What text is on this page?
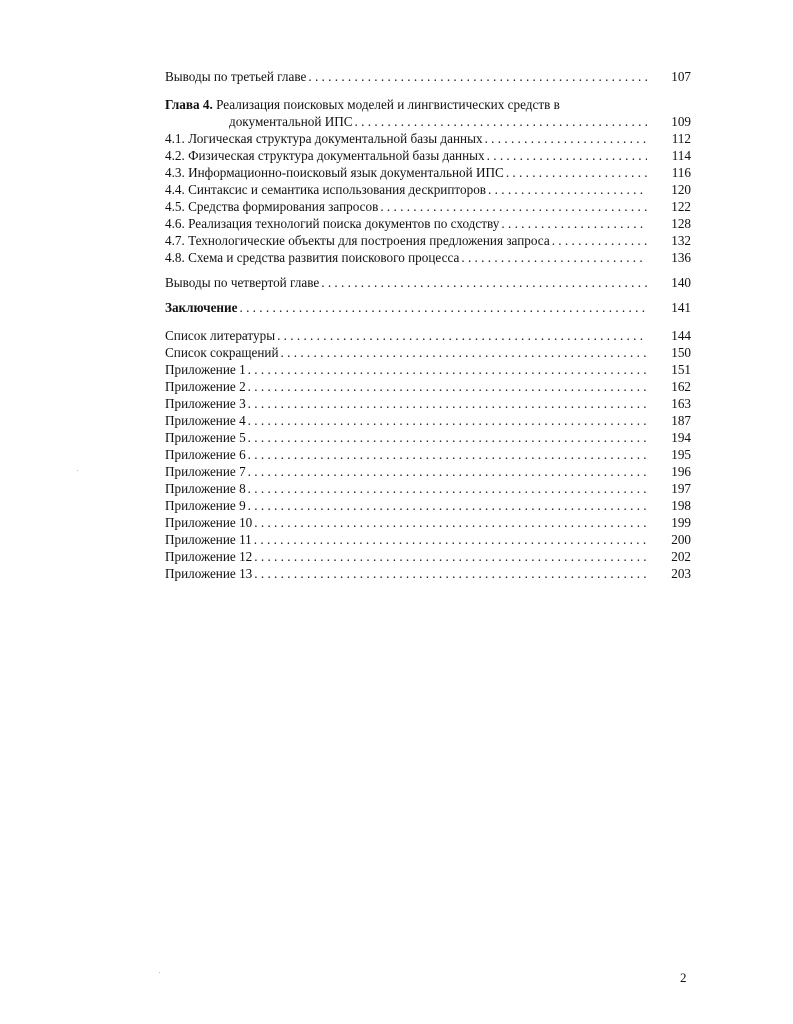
Выводы по третьей главе . . .	107
Глава 4. Реализация поисковых моделей и лингвистических средств в
документальной ИПС . . .	109
4.1. Логическая структура документальной базы данных . . .	112
4.2. Физическая структура документальной базы данных . . .	114
4.3. Информационно-поисковый язык документальной ИПС . . .	116
4.4. Синтаксис и семантика использования дескрипторов . . .	120
4.5. Средства формирования запросов . . .	122
4.6. Реализация технологий поиска документов по сходству . . .	128
4.7. Технологические объекты для построения предложения запроса . . .	132
4.8. Схема и средства развития поискового процесса . . .	136
Выводы по четвертой главе . . .	140
Заключение . . .	141
Список литературы . . .	144
Список сокращений . . .	150
Приложение 1 . . .	151
Приложение 2 . . .	162
Приложение 3 . . .	163
Приложение 4 . . .	187
Приложение 5 . . .	194
Приложение 6 . . .	195
Приложение 7 . . .	196
Приложение 8 . . .	197
Приложение 9 . . .	198
Приложение 10 . . .	199
Приложение 11 . . .	200
Приложение 12 . . .	202
Приложение 13 . . .	203
2
